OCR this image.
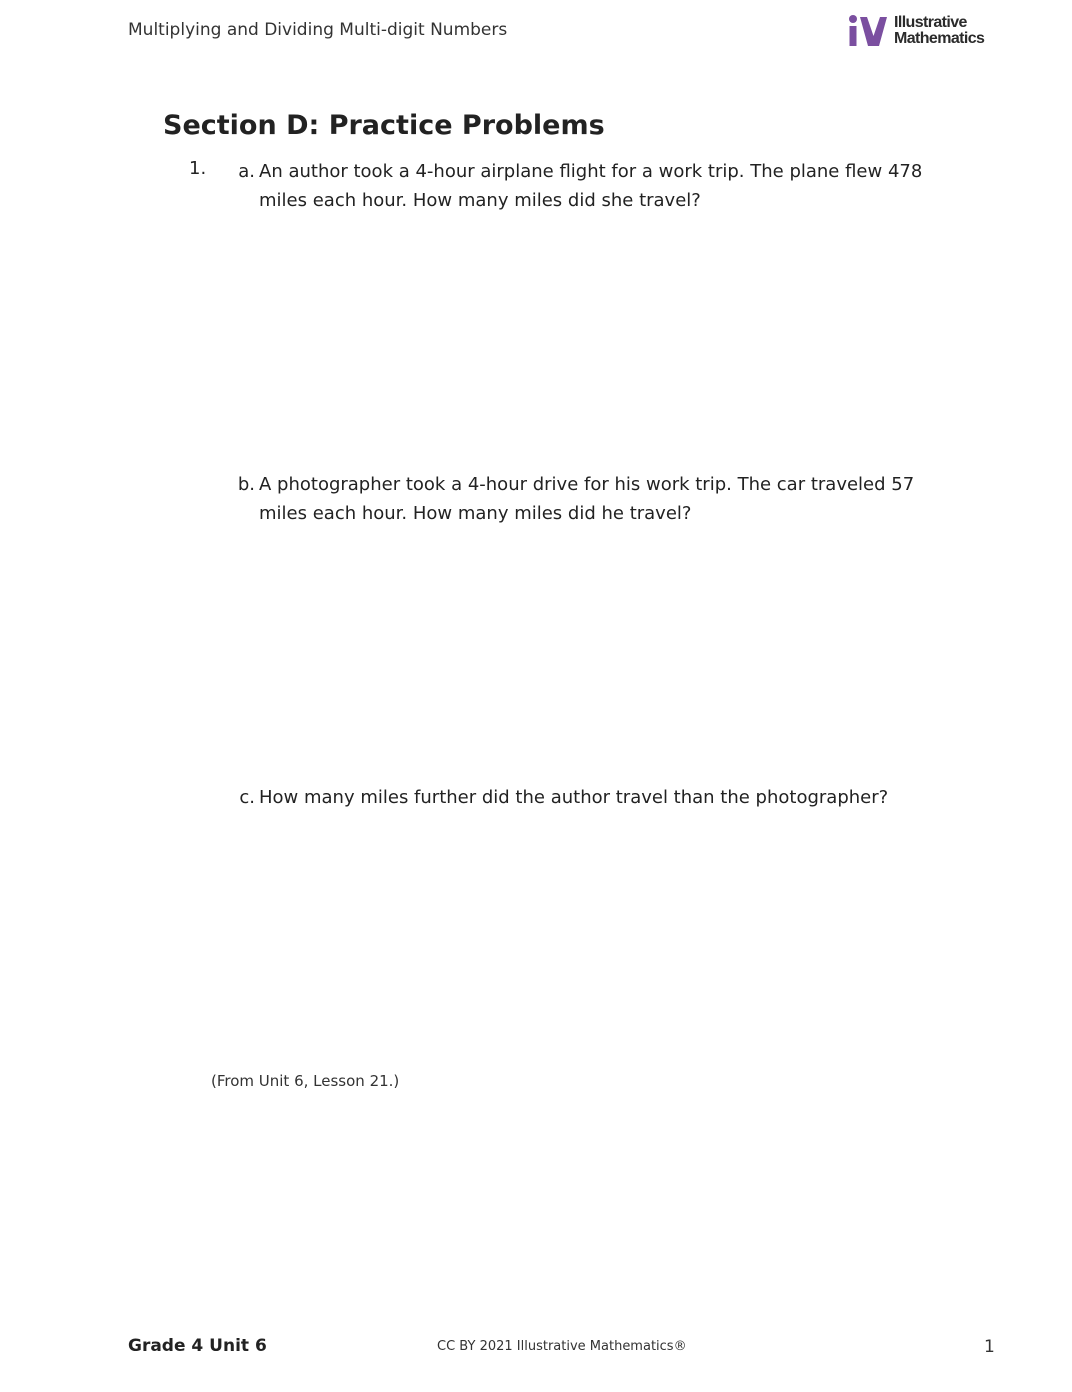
Multiplying and Dividing Multi-digit Numbers	Illustrative
Mathematics
Section D: Practice Problems
1.	a. An author took a 4-hour airplane flight for a work trip. The plane flew 478 miles each hour. How many miles did she travel?
b. A photographer took a 4-hour drive for his work trip. The car traveled 57 miles each hour. How many miles did he travel?
c. How many miles further did the author travel than the photographer?
(From Unit 6, Lesson 21.)
Grade 4 Unit 6	CC BY 2021 Illustrative Mathematics®	1
